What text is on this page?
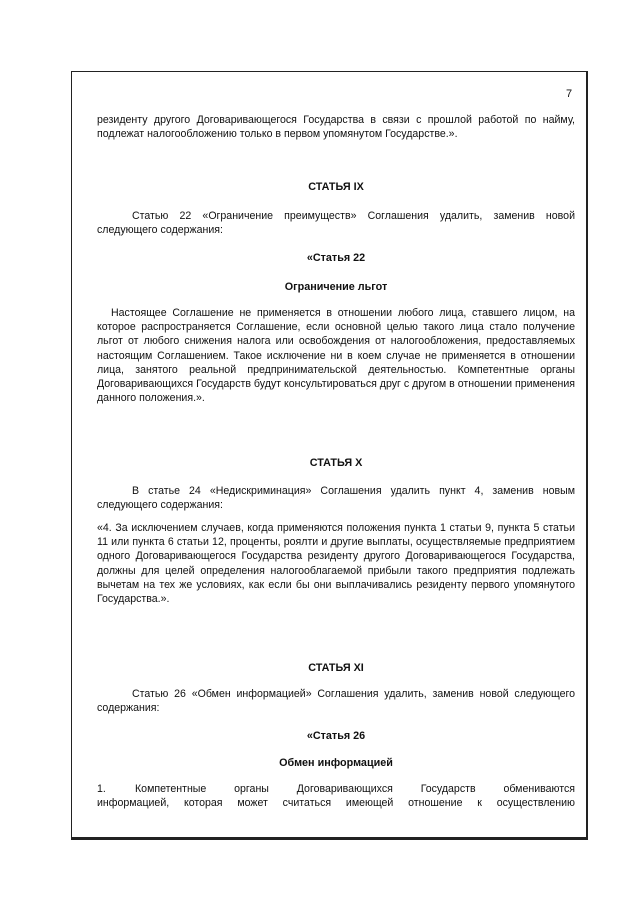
7

резиденту другого Договаривающегося Государства в связи с прошлой работой по найму, подлежат налогообложению только в первом упомянутом Государстве.».

СТАТЬЯ IX

Статью 22 «Ограничение преимуществ» Соглашения удалить, заменив новой следующего содержания:

«Статья 22

Ограничение льгот

Настоящее Соглашение не применяется в отношении любого лица, ставшего лицом, на которое распространяется Соглашение, если основной целью такого лица стало получение льгот от любого снижения налога или освобождения от налогообложения, предоставляемых настоящим Соглашением. Такое исключение ни в коем случае не применяется в отношении лица, занятого реальной предпринимательской деятельностью. Компетентные органы Договаривающихся Государств будут консультироваться друг с другом в отношении применения данного положения.».

СТАТЬЯ X

В статье 24 «Недискриминация» Соглашения удалить пункт 4, заменив новым следующего содержания:

«4. За исключением случаев, когда применяются положения пункта 1 статьи 9, пункта 5 статьи 11 или пункта 6 статьи 12, проценты, роялти и другие выплаты, осуществляемые предприятием одного Договаривающегося Государства резиденту другого Договаривающегося Государства, должны для целей определения налогооблагаемой прибыли такого предприятия подлежать вычетам на тех же условиях, как если бы они выплачивались резиденту первого упомянутого Государства.».

СТАТЬЯ XI

Статью 26 «Обмен информацией» Соглашения удалить, заменив новой следующего содержания:

«Статья 26

Обмен информацией

1.	Компетентные органы Договаривающихся Государств обмениваются

информацией, которая может считаться имеющей отношение к осуществлению
